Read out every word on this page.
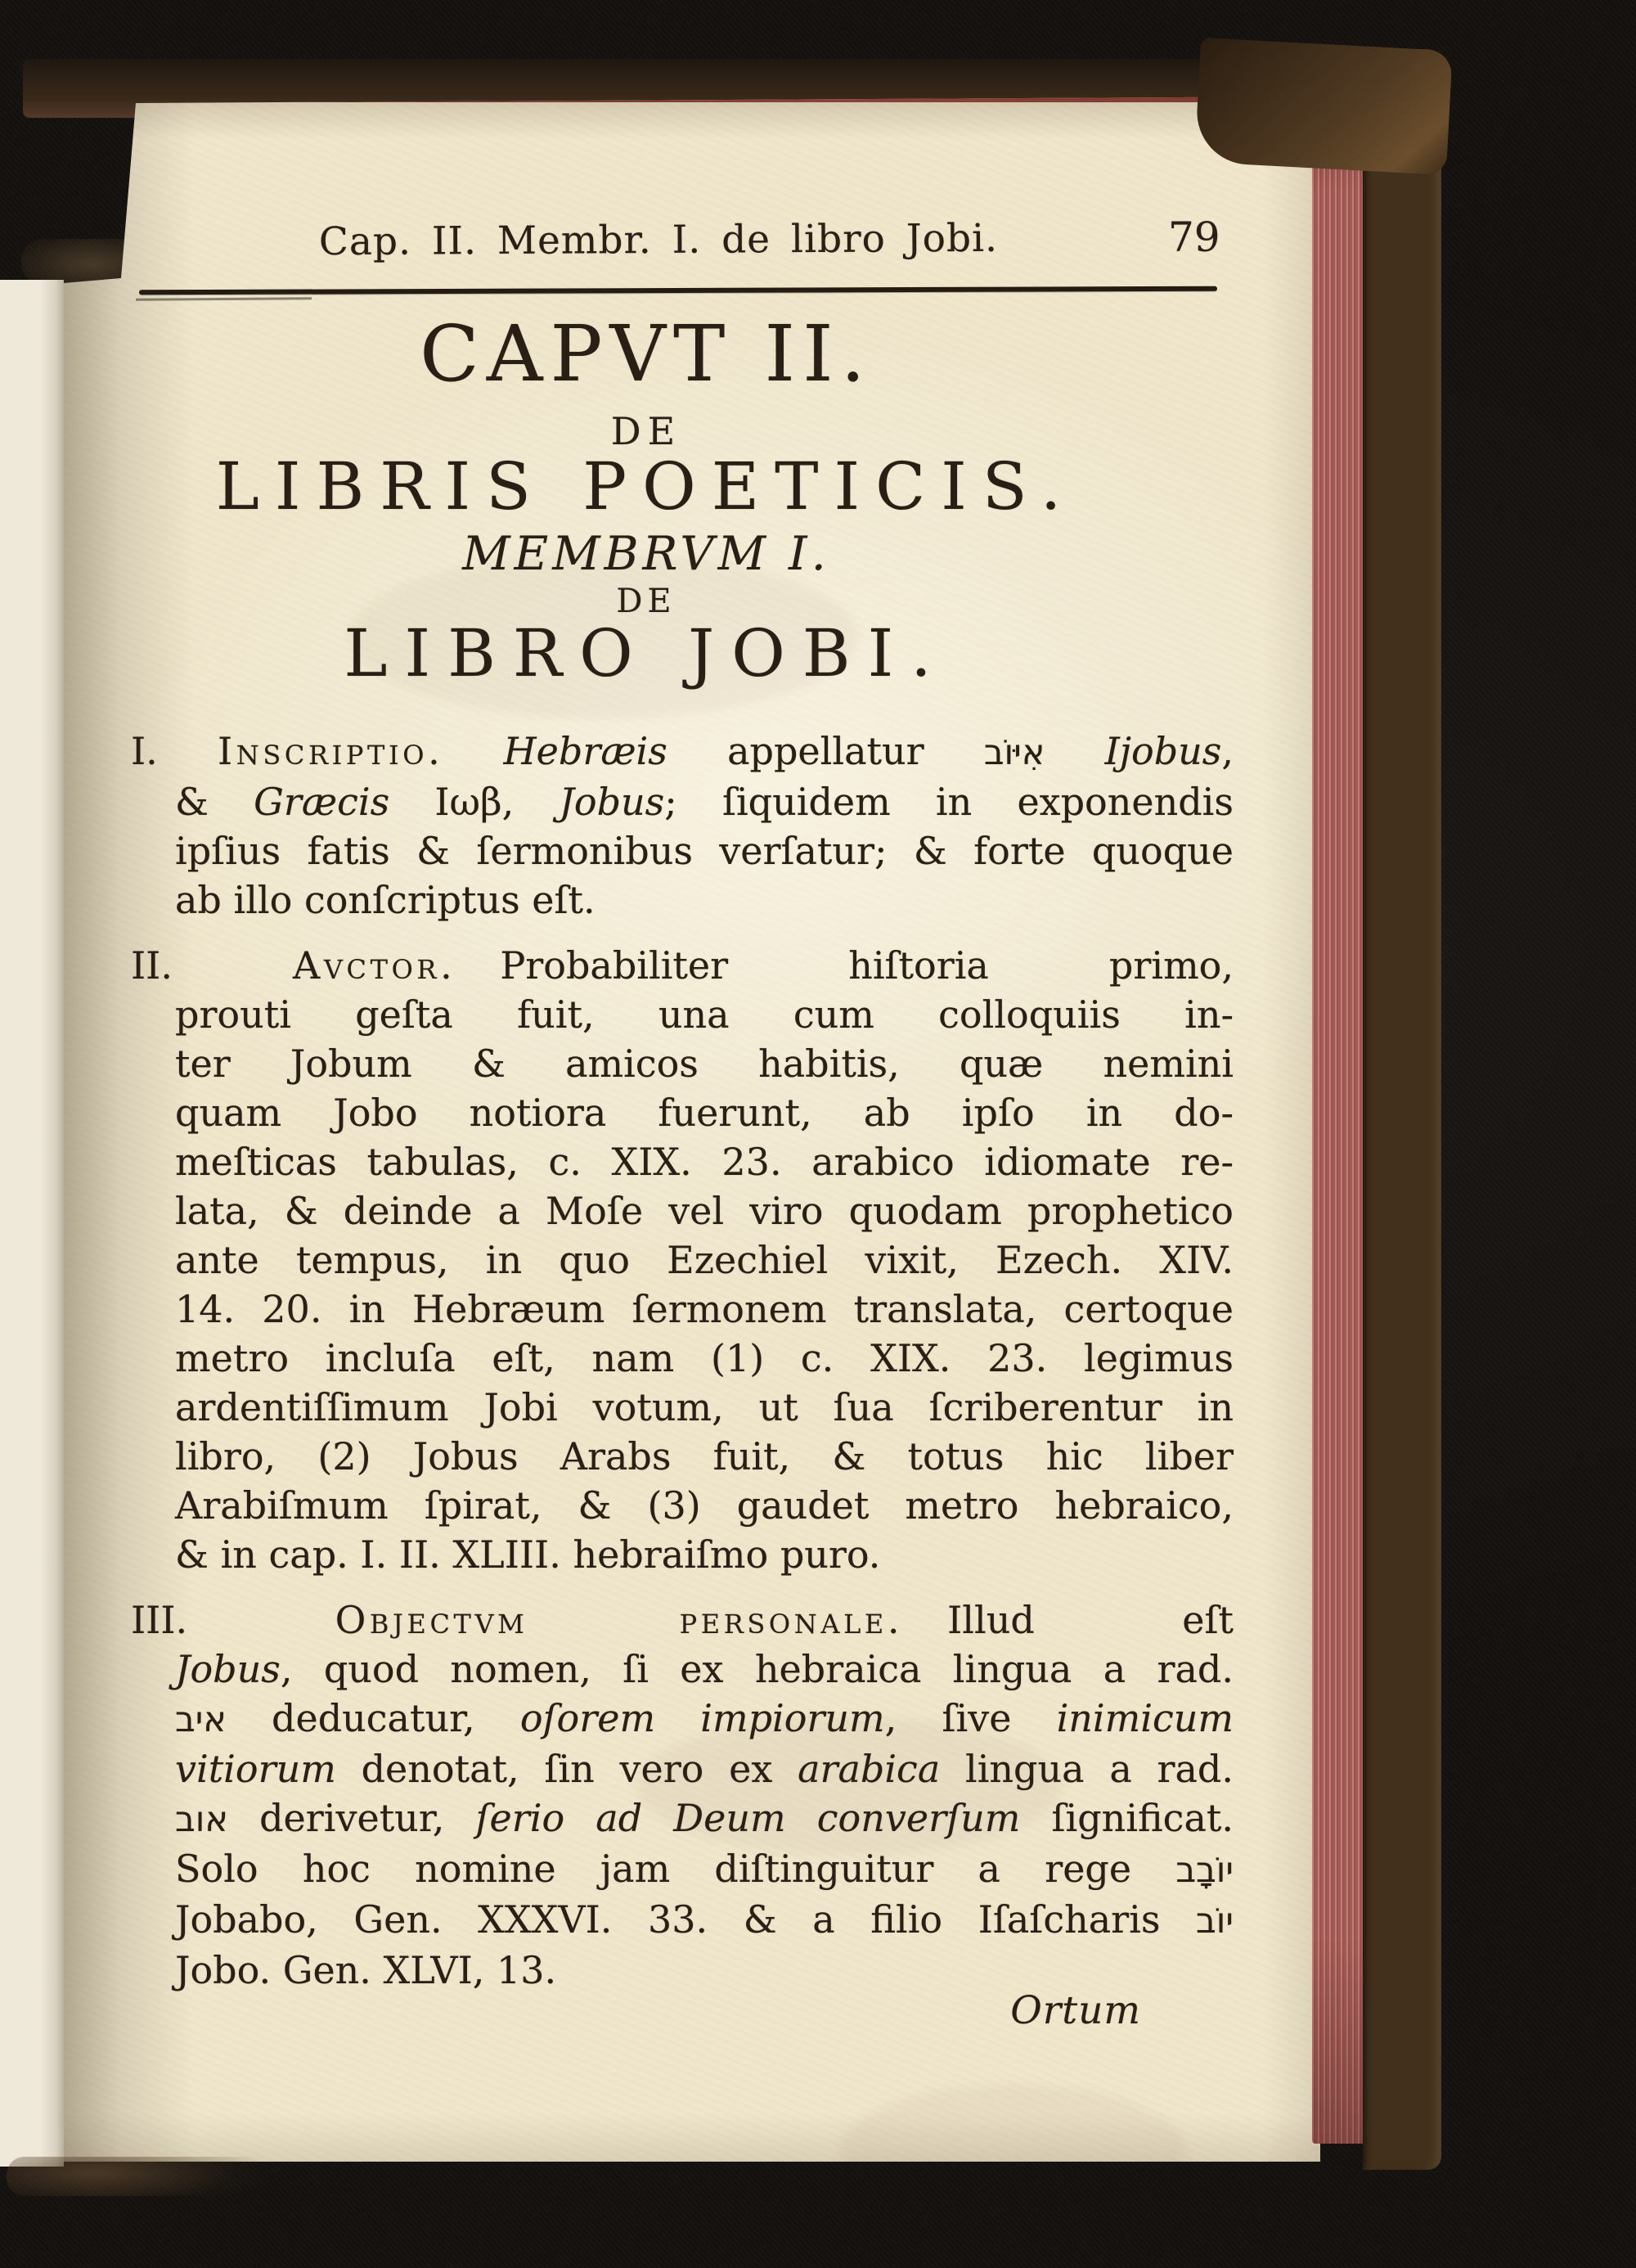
Cap. II. Membr. I. de libro Jobi.	79
CAPVT II.
DE
LIBRIS POETICIS.
MEMBRVM I.
DE
LIBRO JOBI.
I. Inscriptio. Hebræis appellatur אִיּוֹב Ijobus,
& Græcis Ιωβ, Jobus; ſiquidem in exponendis
ipſius fatis & ſermonibus verſatur; & forte quoque
ab illo conſcriptus eſt.
II. Avctor. Probabiliter hiſtoria primo,
prouti geſta fuit, una cum colloquiis in-
ter Jobum & amicos habitis, quæ nemini
quam Jobo notiora fuerunt, ab ipſo in do-
meſticas tabulas, c. XIX. 23. arabico idiomate re-
lata, & deinde a Moſe vel viro quodam prophetico
ante tempus, in quo Ezechiel vixit, Ezech. XIV.
14. 20. in Hebræum ſermonem translata, certoque
metro incluſa eſt, nam (1) c. XIX. 23. legimus
ardentiſſimum Jobi votum, ut ſua ſcriberentur in
libro, (2) Jobus Arabs fuit, & totus hic liber
Arabiſmum ſpirat, & (3) gaudet metro hebraico,
& in cap. I. II. XLIII. hebraiſmo puro.
III. Objectvm personale. Illud eſt
Jobus, quod nomen, ſi ex hebraica lingua a rad.
איב deducatur, oſorem impiorum, ſive inimicum
vitiorum denotat, ſin vero ex arabica lingua a rad.
אוב derivetur, ſerio ad Deum converſum ſignificat.
Solo hoc nomine jam diſtinguitur a rege יוֹבָב
Jobabo, Gen. XXXVI. 33. & a filio Iſaſcharis יוֹב
Jobo. Gen. XLVI, 13.
Ortum
